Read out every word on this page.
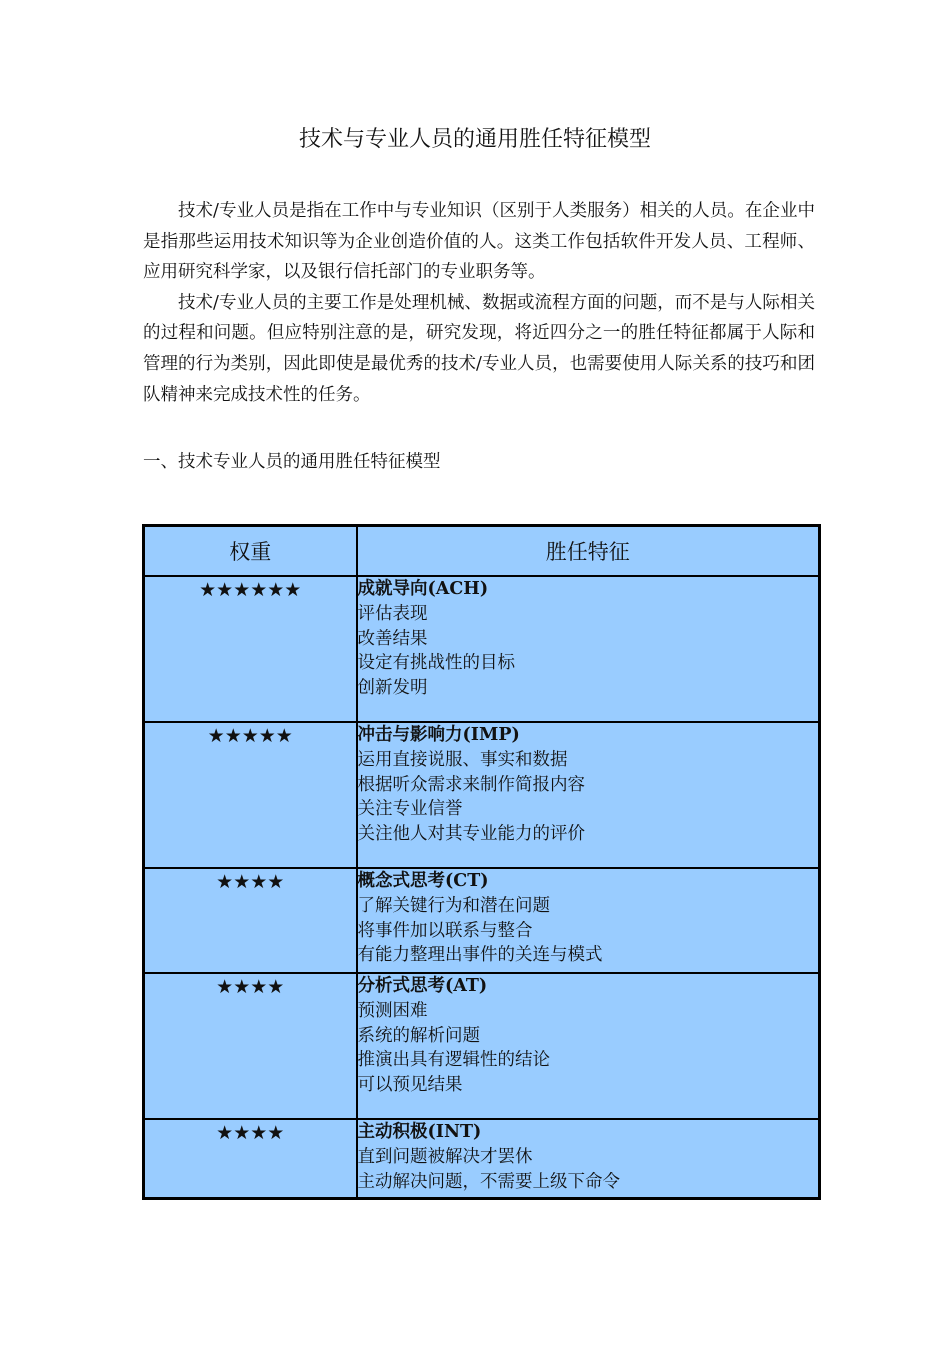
技术与专业人员的通用胜任特征模型

技术/专业人员是指在工作中与专业知识（区别于人类服务）相关的人员。在企业中是指那些运用技术知识等为企业创造价值的人。这类工作包括软件开发人员、工程师、应用研究科学家，以及银行信托部门的专业职务等。

技术/专业人员的主要工作是处理机械、数据或流程方面的问题，而不是与人际相关的过程和问题。但应特别注意的是，研究发现，将近四分之一的胜任特征都属于人际和管理的行为类别，因此即使是最优秀的技术/专业人员，也需要使用人际关系的技巧和团队精神来完成技术性的任务。

一、技术专业人员的通用胜任特征模型
权重	胜任特征
★★★★★★	成就导向(ACH)
评估表现
改善结果
设定有挑战性的目标
创新发明

★★★★★	冲击与影响力(IMP)
运用直接说服、事实和数据
根据听众需求来制作简报内容
关注专业信誉
关注他人对其专业能力的评价

★★★★	概念式思考(CT)
了解关键行为和潜在问题
将事件加以联系与整合
有能力整理出事件的关连与模式

★★★★	分析式思考(AT)
预测困难
系统的解析问题
推演出具有逻辑性的结论
可以预见结果

★★★★	主动积极(INT)
直到问题被解决才罢休
主动解决问题，不需要上级下命令
